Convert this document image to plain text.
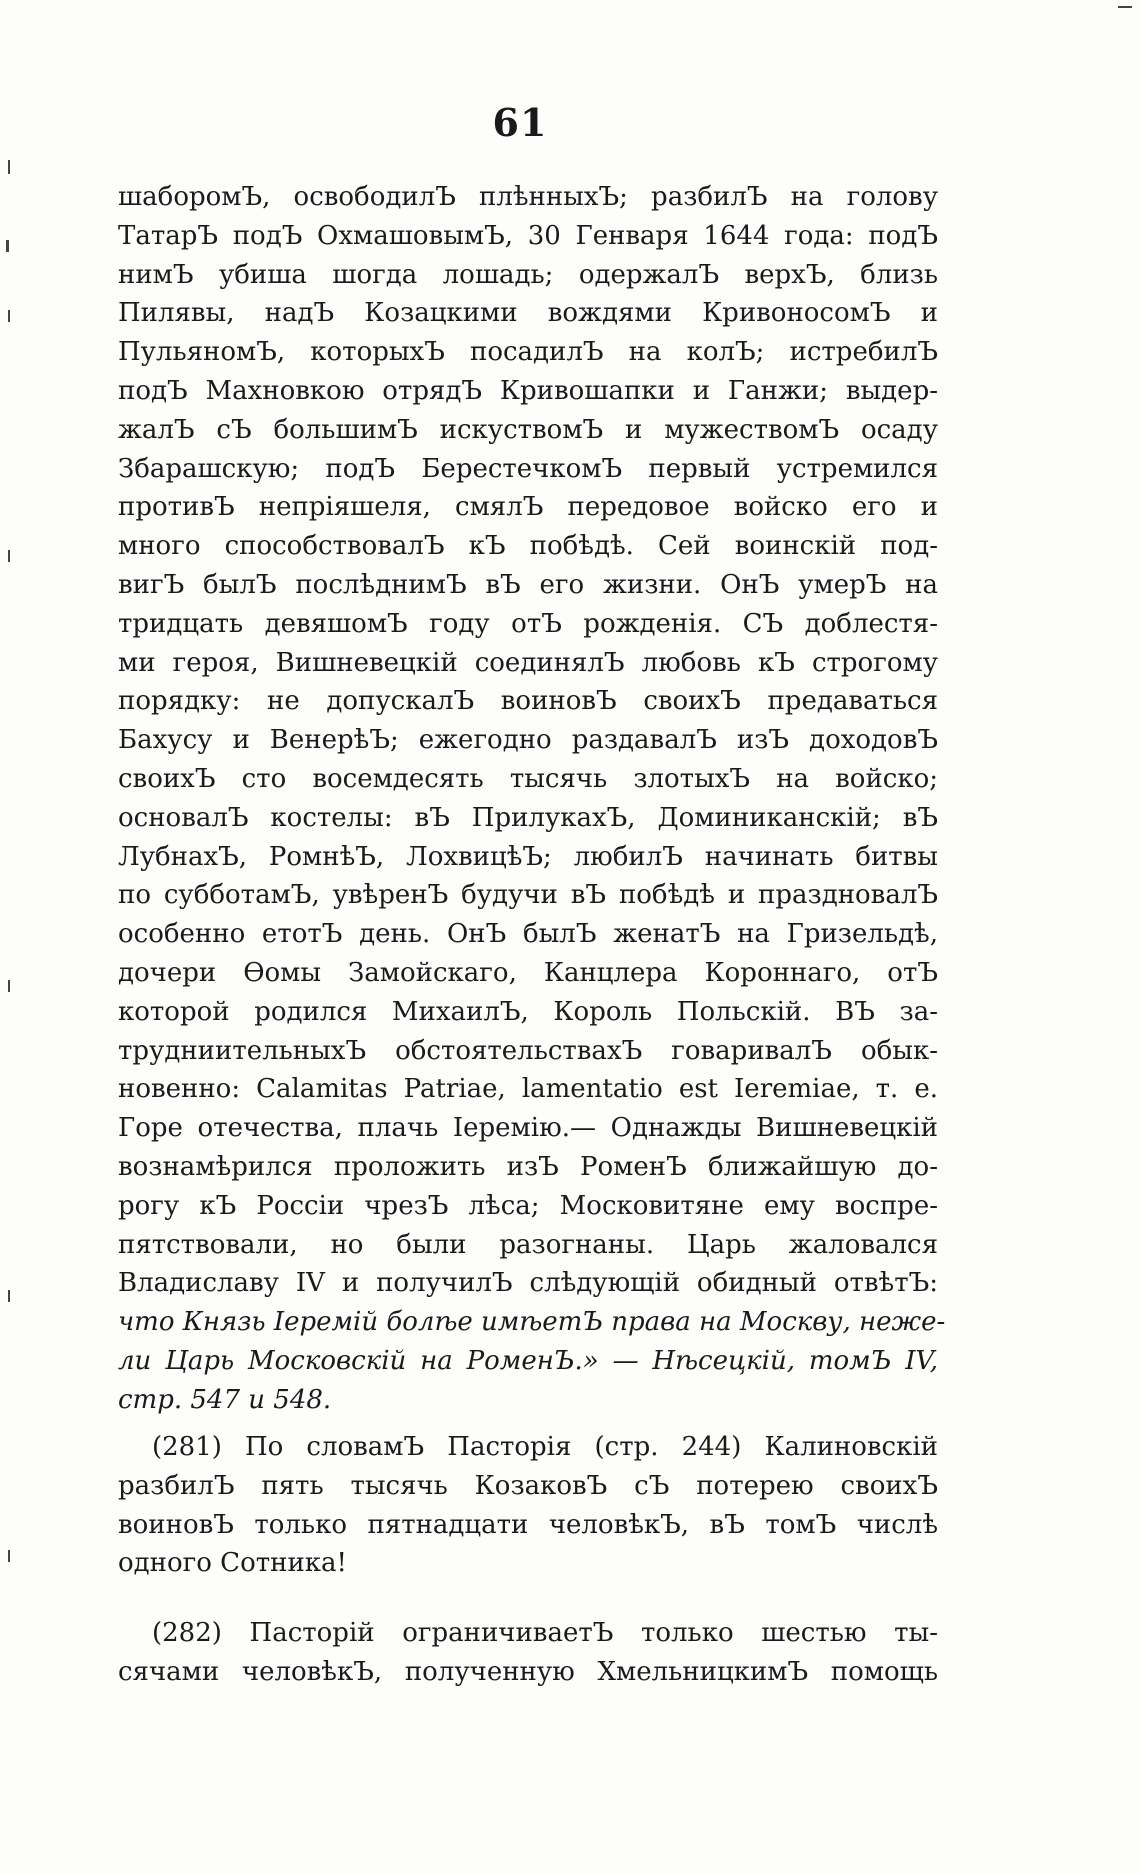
61
шаборомЪ, освободилЪ плѣнныхЪ; разбилЪ на голову
ТатарЪ подЪ ОхмашовымЪ, 30 Генваря 1644 года: подЪ
нимЪ убиша шогда лошадь; одержалЪ верхЪ, близь
Пилявы, надЪ Козацкими вождями КривоносомЪ и
ПульяномЪ, которыхЪ посадилЪ на колЪ; истребилЪ
подЪ Махновкою отрядЪ Кривошапки и Ганжи; выдер-
жалЪ сЪ большимЪ искуствомЪ и мужествомЪ осаду
Збарашскую; подЪ БерестечкомЪ первый устремился
противЪ непріяшеля, смялЪ передовое войско его и
много способствовалЪ кЪ побѣдѣ. Сей воинскій под-
вигЪ былЪ послѣднимЪ вЪ его жизни. ОнЪ умерЪ на
тридцать девяшомЪ году отЪ рожденія. СЪ доблестя-
ми героя, Вишневецкій соединялЪ любовь кЪ строгому
порядку: не допускалЪ воиновЪ своихЪ предаваться
Бахусу и ВенерѣЪ; ежегодно раздавалЪ изЪ доходовЪ
своихЪ сто восемдесять тысячь злотыхЪ на войско;
основалЪ костелы: вЪ ПрилукахЪ, Доминиканскій; вЪ
ЛубнахЪ, РомнѣЪ, ЛохвицѣЪ; любилЪ начинать битвы
по субботамЪ, увѣренЪ будучи вЪ побѣдѣ и праздновалЪ
особенно етотЪ день. ОнЪ былЪ женатЪ на Гризельдѣ,
дочери Ѳомы Замойскаго, Канцлера Короннаго, отЪ
которой родился МихаилЪ, Король Польскій. ВЪ за-
трудниительныхЪ обстоятельствахЪ говаривалЪ обык-
новенно: Calamitas Patriae, lamentatio est Ieremiae, т. е.
Горе отечества, плачь Іеремію.— Однажды Вишневецкій
вознамѣрился проложить изЪ РоменЪ ближайшую до-
рогу кЪ Россіи чрезЪ лѣса; Московитяне ему воспре-
пятствовали, но были разогнаны. Царь жаловался
Владиславу IV и получилЪ слѣдующій обидный отвѣтЪ:
что Князь Іеремій болѣе имѣетЪ права на Москву, неже-
ли Царь Московскій на РоменЪ.» — Нѣсецкій, томЪ IV,
стр. 547 и 548.
(281) По словамЪ Пасторія (стр. 244) Калиновскій
разбилЪ пять тысячь КозаковЪ сЪ потерею своихЪ
воиновЪ только пятнадцати человѣкЪ, вЪ томЪ числѣ
одного Сотника!
(282) Пасторій ограничиваетЪ только шестью ты-
сячами человѣкЪ, полученную ХмельницкимЪ помощь
